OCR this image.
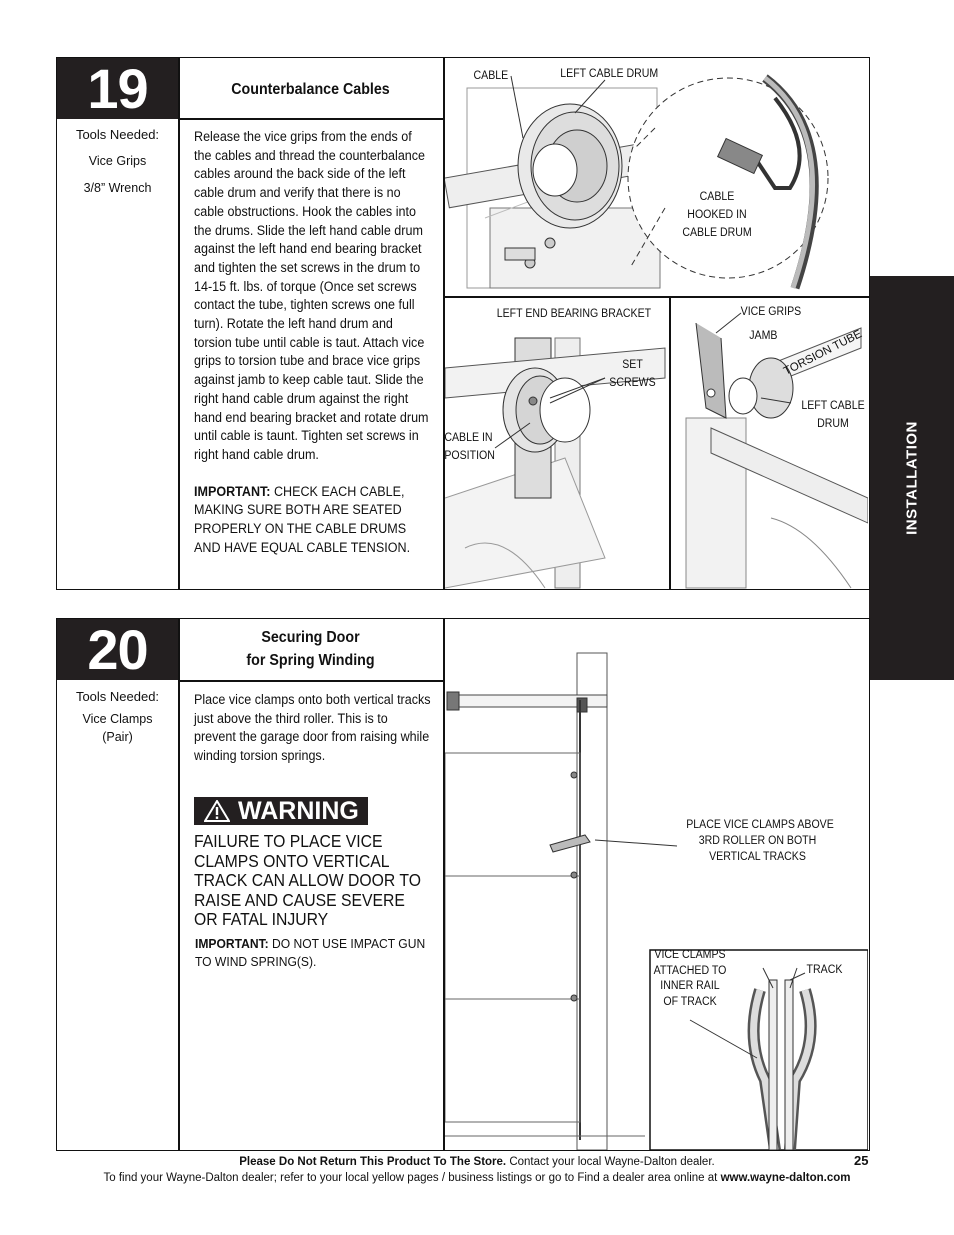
INSTALLATION
19	Counterbalance Cables
Tools Needed:
Vice Grips
3/8” Wrench
Release the vice grips from the ends of the cables and thread the counterbalance cables around the back side of the left cable drum and verify that there is no cable obstructions. Hook the cables into the drums. Slide the left hand cable drum against the left hand end bearing bracket and tighten the set screws in the drum to 14-15 ft. lbs. of torque (Once set screws contact the tube, tighten screws one full turn). Rotate the left hand drum and torsion tube until cable is taut. Attach vice grips to torsion tube and brace vice grips against jamb to keep cable taut. Slide the right hand cable drum against the right hand end bearing bracket and rotate drum until cable is taunt. Tighten set screws in right hand cable drum.
IMPORTANT: CHECK EACH CABLE, MAKING SURE BOTH ARE SEATED PROPERLY ON THE CABLE DRUMS AND HAVE EQUAL CABLE TENSION.
CABLE	LEFT CABLE DRUM
CABLE
HOOKED IN
CABLE DRUM
LEFT END BEARING BRACKET
SET
SCREWS
CABLE IN
POSITION
VICE GRIPS
JAMB TORSION TUBE
LEFT CABLE
DRUM
20	Securing Door
for Spring Winding
Tools Needed:
Vice Clamps
(Pair)
Place vice clamps onto both vertical tracks just above the third roller. This is to prevent the garage door from raising while winding torsion springs.
WARNING
FAILURE TO PLACE VICE CLAMPS ONTO VERTICAL TRACK CAN ALLOW DOOR TO RAISE AND CAUSE SEVERE OR FATAL INJURY
IMPORTANT: DO NOT USE IMPACT GUN TO WIND SPRING(S).
PLACE VICE CLAMPS ABOVE
3RD ROLLER ON BOTH
VERTICAL TRACKS
VICE CLAMPS
ATTACHED TO
INNER RAIL
OF TRACK
TRACK
25
Please Do Not Return This Product To The Store. Contact your local Wayne-Dalton dealer.
To find your Wayne-Dalton dealer; refer to your local yellow pages / business listings or go to Find a dealer area online at www.wayne-dalton.com
